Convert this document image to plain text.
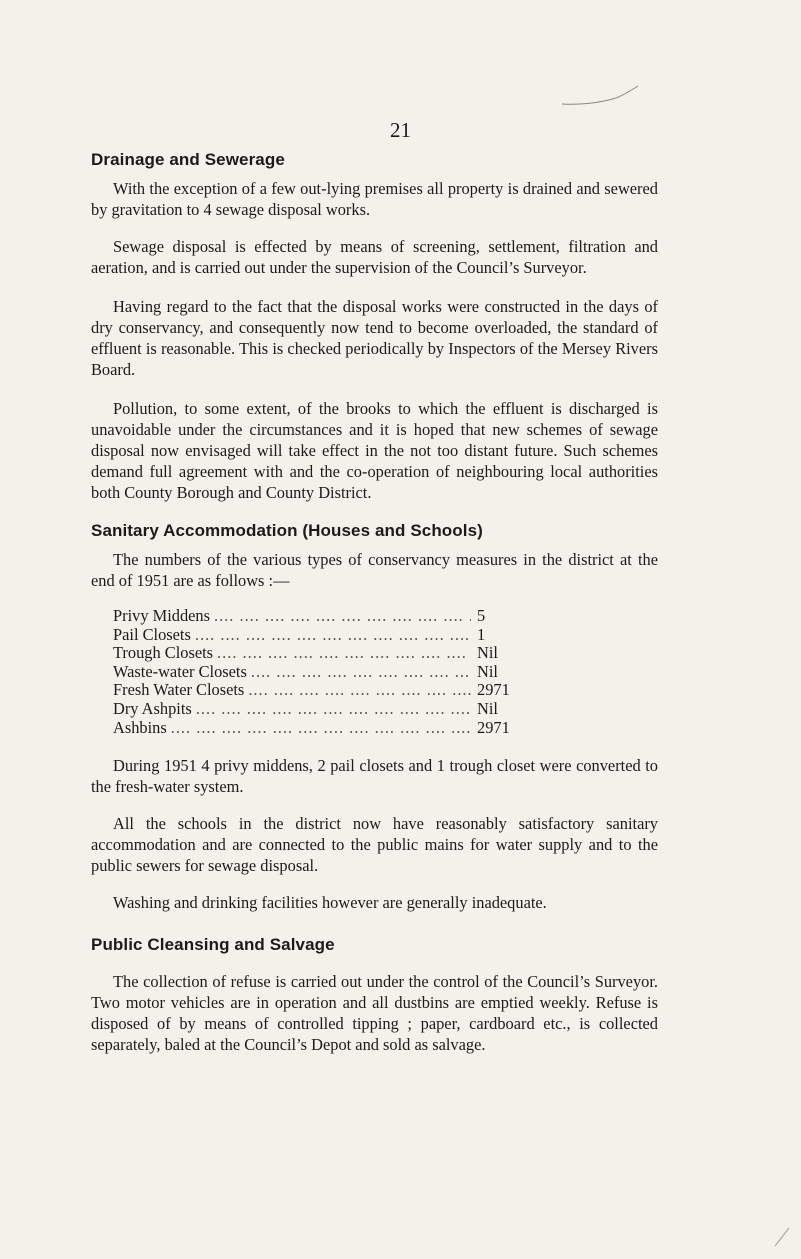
21
Drainage and Sewerage

With the exception of a few out-lying premises all property is drained and sewered by gravitation to 4 sewage disposal works.

Sewage disposal is effected by means of screening, settlement, filtration and aeration, and is carried out under the supervision of the Council’s Surveyor.

Having regard to the fact that the disposal works were constructed in the days of dry conservancy, and consequently now tend to become overloaded, the standard of effluent is reasonable. This is checked periodically by Inspectors of the Mersey Rivers Board.

Pollution, to some extent, of the brooks to which the effluent is discharged is unavoidable under the circumstances and it is hoped that new schemes of sewage disposal now envisaged will take effect in the not too distant future. Such schemes demand full agreement with and the co-operation of neighbouring local authorities both County Borough and County District.

Sanitary Accommodation (Houses and Schools)

The numbers of the various types of conservancy measures in the district at the end of 1951 are as follows :—

Privy Middens ....	5
Pail Closets ....	1
Trough Closets ....	Nil
Waste-water Closets ....	Nil
Fresh Water Closets ....	2971
Dry Ashpits ....	Nil
Ashbins ....	2971

During 1951 4 privy middens, 2 pail closets and 1 trough closet were converted to the fresh-water system.

All the schools in the district now have reasonably satisfactory sanitary accommodation and are connected to the public mains for water supply and to the public sewers for sewage disposal.

Washing and drinking facilities however are generally inadequate.

Public Cleansing and Salvage

The collection of refuse is carried out under the control of the Council’s Surveyor. Two motor vehicles are in operation and all dustbins are emptied weekly. Refuse is disposed of by means of controlled tipping ; paper, cardboard etc., is collected separately, baled at the Council’s Depot and sold as salvage.
